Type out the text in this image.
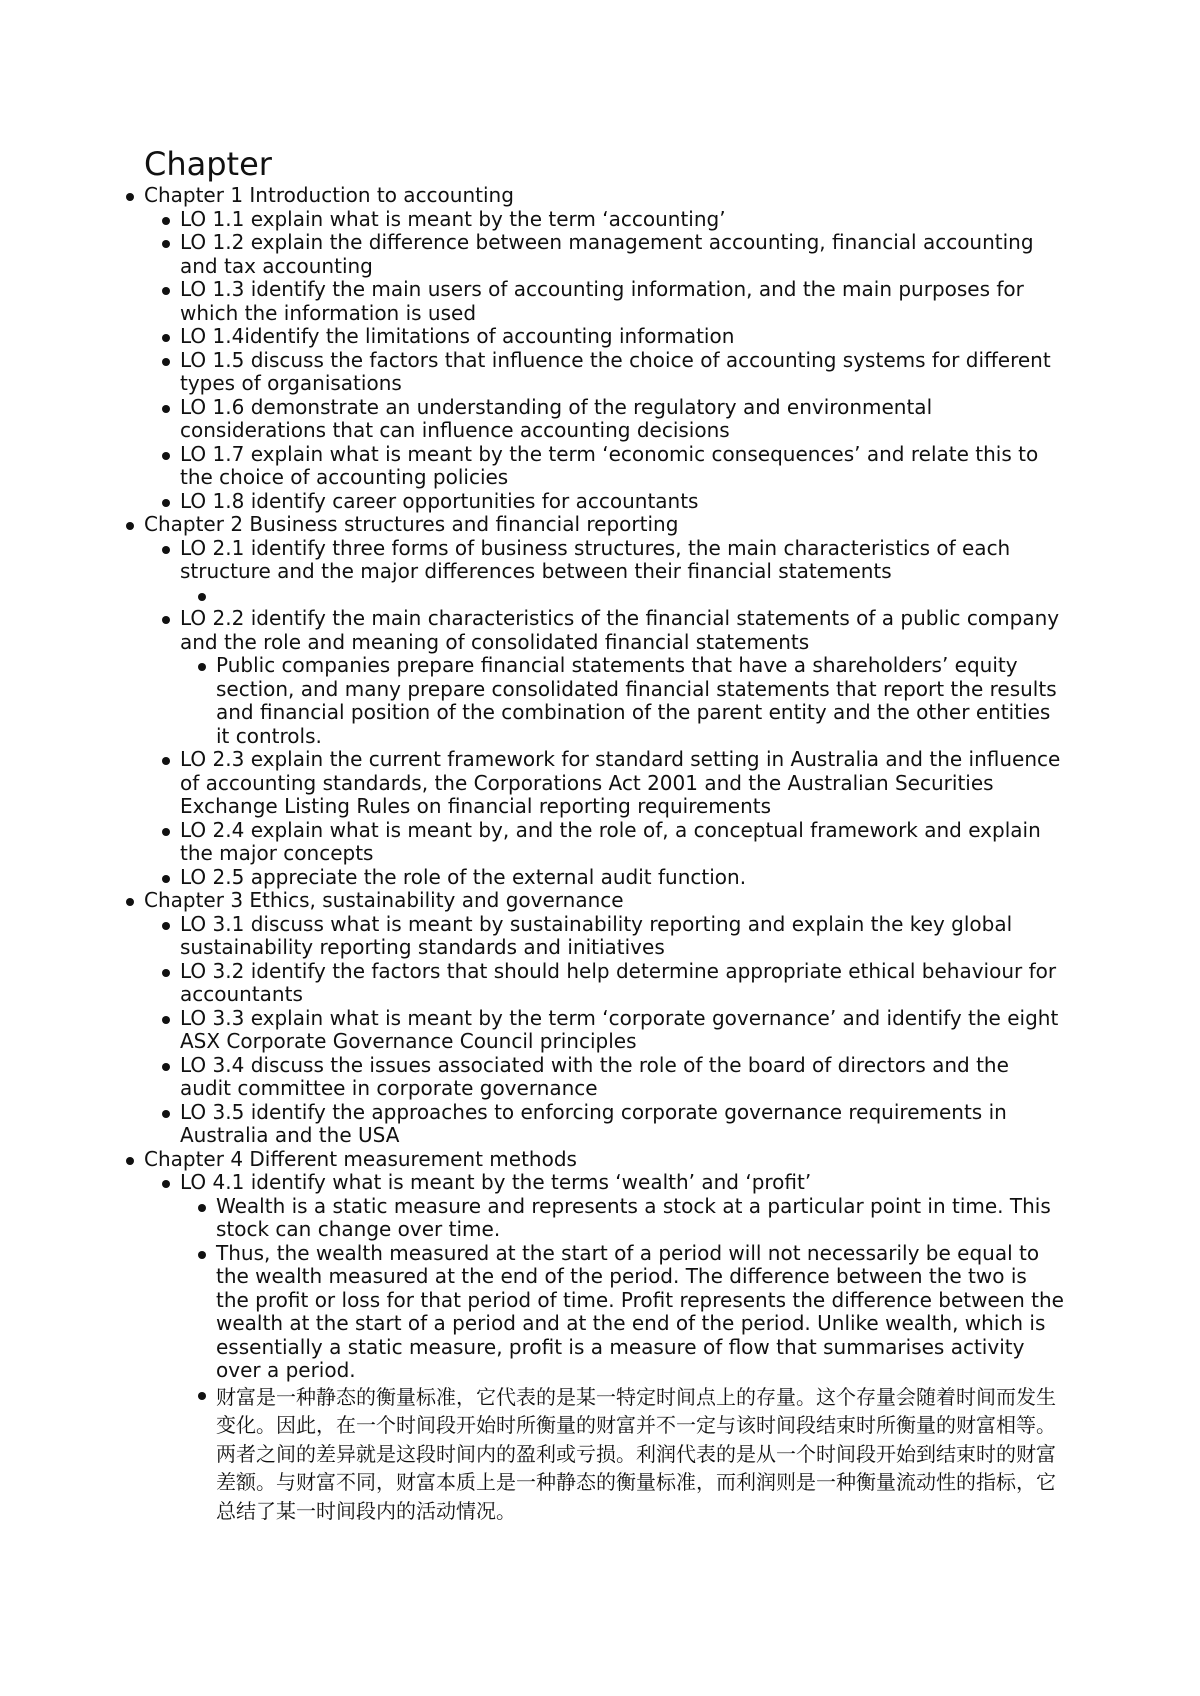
Chapter
Chapter 1 Introduction to accounting
LO 1.1 explain what is meant by the term ‘accounting’
LO 1.2 explain the difference between management accounting, financial accounting and tax accounting
LO 1.3 identify the main users of accounting information, and the main purposes for which the information is used
LO 1.4identify the limitations of accounting information
LO 1.5 discuss the factors that influence the choice of accounting systems for different types of organisations
LO 1.6 demonstrate an understanding of the regulatory and environmental considerations that can influence accounting decisions
LO 1.7 explain what is meant by the term ‘economic consequences’ and relate this to the choice of accounting policies
LO 1.8 identify career opportunities for accountants
Chapter 2 Business structures and financial reporting
LO 2.1 identify three forms of business structures, the main characteristics of each structure and the major differences between their financial statements
LO 2.2 identify the main characteristics of the financial statements of a public company and the role and meaning of consolidated financial statements
Public companies prepare financial statements that have a shareholders’ equity section, and many prepare consolidated financial statements that report the results and financial position of the combination of the parent entity and the other entities it controls.
LO 2.3 explain the current framework for standard setting in Australia and the influence of accounting standards, the Corporations Act 2001 and the Australian Securities Exchange Listing Rules on financial reporting requirements
LO 2.4 explain what is meant by, and the role of, a conceptual framework and explain the major concepts
LO 2.5 appreciate the role of the external audit function.
Chapter 3 Ethics, sustainability and governance
LO 3.1 discuss what is meant by sustainability reporting and explain the key global sustainability reporting standards and initiatives
LO 3.2 identify the factors that should help determine appropriate ethical behaviour for accountants
LO 3.3 explain what is meant by the term ‘corporate governance’ and identify the eight ASX Corporate Governance Council principles
LO 3.4 discuss the issues associated with the role of the board of directors and the audit committee in corporate governance
LO 3.5 identify the approaches to enforcing corporate governance requirements in Australia and the USA
Chapter 4 Different measurement methods
LO 4.1 identify what is meant by the terms ‘wealth’ and ‘profit’
Wealth is a static measure and represents a stock at a particular point in time. This stock can change over time.
Thus, the wealth measured at the start of a period will not necessarily be equal to the wealth measured at the end of the period. The difference between the two is the profit or loss for that period of time. Profit represents the difference between the wealth at the start of a period and at the end of the period. Unlike wealth, which is essentially a static measure, profit is a measure of flow that summarises activity over a period.
财富是一种静态的衡量标准，它代表的是某一特定时间点上的存量。这个存量会随着时间而发生变化。因此，在一个时间段开始时所衡量的财富并不一定与该时间段结束时所衡量的财富相等。两者之间的差异就是这段时间内的盈利或亏损。利润代表的是从一个时间段开始到结束时的财富差额。与财富不同，财富本质上是一种静态的衡量标准，而利润则是一种衡量流动性的指标，它总结了某一时间段内的活动情况。
